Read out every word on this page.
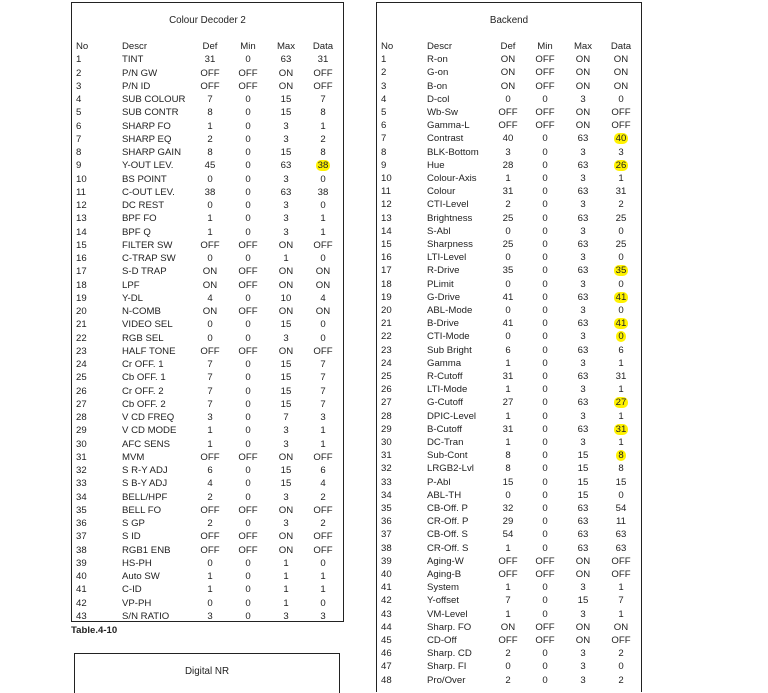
Colour Decoder 2
No	Descr	Def	Min	Max	Data
1	TINT	31	0	63	31
2	P/N GW	OFF	OFF	ON	OFF
3	P/N ID	OFF	OFF	ON	OFF
4	SUB COLOUR	7	0	15	7
5	SUB CONTR	8	0	15	8
6	SHARP FO	1	0	3	1
7	SHARP EQ	2	0	3	2
8	SHARP GAIN	8	0	15	8
9	Y-OUT LEV.	45	0	63	38
10	BS POINT	0	0	3	0
11	C-OUT LEV.	38	0	63	38
12	DC REST	0	0	3	0
13	BPF FO	1	0	3	1
14	BPF Q	1	0	3	1
15	FILTER SW	OFF	OFF	ON	OFF
16	C-TRAP SW	0	0	1	0
17	S-D TRAP	ON	OFF	ON	ON
18	LPF	ON	OFF	ON	ON
19	Y-DL	4	0	10	4
20	N-COMB	ON	OFF	ON	ON
21	VIDEO SEL	0	0	15	0
22	RGB SEL	0	0	3	0
23	HALF TONE	OFF	OFF	ON	OFF
24	Cr OFF. 1	7	0	15	7
25	Cb OFF. 1	7	0	15	7
26	Cr OFF. 2	7	0	15	7
27	Cb OFF. 2	7	0	15	7
28	V CD FREQ	3	0	7	3
29	V CD MODE	1	0	3	1
30	AFC SENS	1	0	3	1
31	MVM	OFF	OFF	ON	OFF
32	S R-Y ADJ	6	0	15	6
33	S B-Y ADJ	4	0	15	4
34	BELL/HPF	2	0	3	2
35	BELL FO	OFF	OFF	ON	OFF
36	S GP	2	0	3	2
37	S ID	OFF	OFF	ON	OFF
38	RGB1 ENB	OFF	OFF	ON	OFF
39	HS-PH	0	0	1	0
40	Auto SW	1	0	1	1
41	C-ID	1	0	1	1
42	VP-PH	0	0	1	0
43	S/N RATIO	3	0	3	3
Table.4-10
Backend
No	Descr	Def	Min	Max	Data
1	R-on	ON	OFF	ON	ON
2	G-on	ON	OFF	ON	ON
3	B-on	ON	OFF	ON	ON
4	D-col	0	0	3	0
5	Wb-Sw	OFF	OFF	ON	OFF
6	Gamma-L	OFF	OFF	ON	OFF
7	Contrast	40	0	63	40
8	BLK-Bottom	3	0	3	3
9	Hue	28	0	63	26
10	Colour-Axis	1	0	3	1
11	Colour	31	0	63	31
12	CTI-Level	2	0	3	2
13	Brightness	25	0	63	25
14	S-Abl	0	0	3	0
15	Sharpness	25	0	63	25
16	LTI-Level	0	0	3	0
17	R-Drive	35	0	63	35
18	PLimit	0	0	3	0
19	G-Drive	41	0	63	41
20	ABL-Mode	0	0	3	0
21	B-Drive	41	0	63	41
22	CTI-Mode	0	0	3	0
23	Sub Bright	6	0	63	6
24	Gamma	1	0	3	1
25	R-Cutoff	31	0	63	31
26	LTI-Mode	1	0	3	1
27	G-Cutoff	27	0	63	27
28	DPIC-Level	1	0	3	1
29	B-Cutoff	31	0	63	31
30	DC-Tran	1	0	3	1
31	Sub-Cont	8	0	15	8
32	LRGB2-Lvl	8	0	15	8
33	P-Abl	15	0	15	15
34	ABL-TH	0	0	15	0
35	CB-Off. P	32	0	63	54
36	CR-Off. P	29	0	63	11
37	CB-Off. S	54	0	63	63
38	CR-Off. S	1	0	63	63
39	Aging-W	OFF	OFF	ON	OFF
40	Aging-B	OFF	OFF	ON	OFF
41	System	1	0	3	1
42	Y-offset	7	0	15	7
43	VM-Level	1	0	3	1
44	Sharp. FO	ON	OFF	ON	ON
45	CD-Off	OFF	OFF	ON	OFF
46	Sharp. CD	2	0	3	2
47	Sharp. FI	0	0	3	0
48	Pro/Over	2	0	3	2
Digital NR
